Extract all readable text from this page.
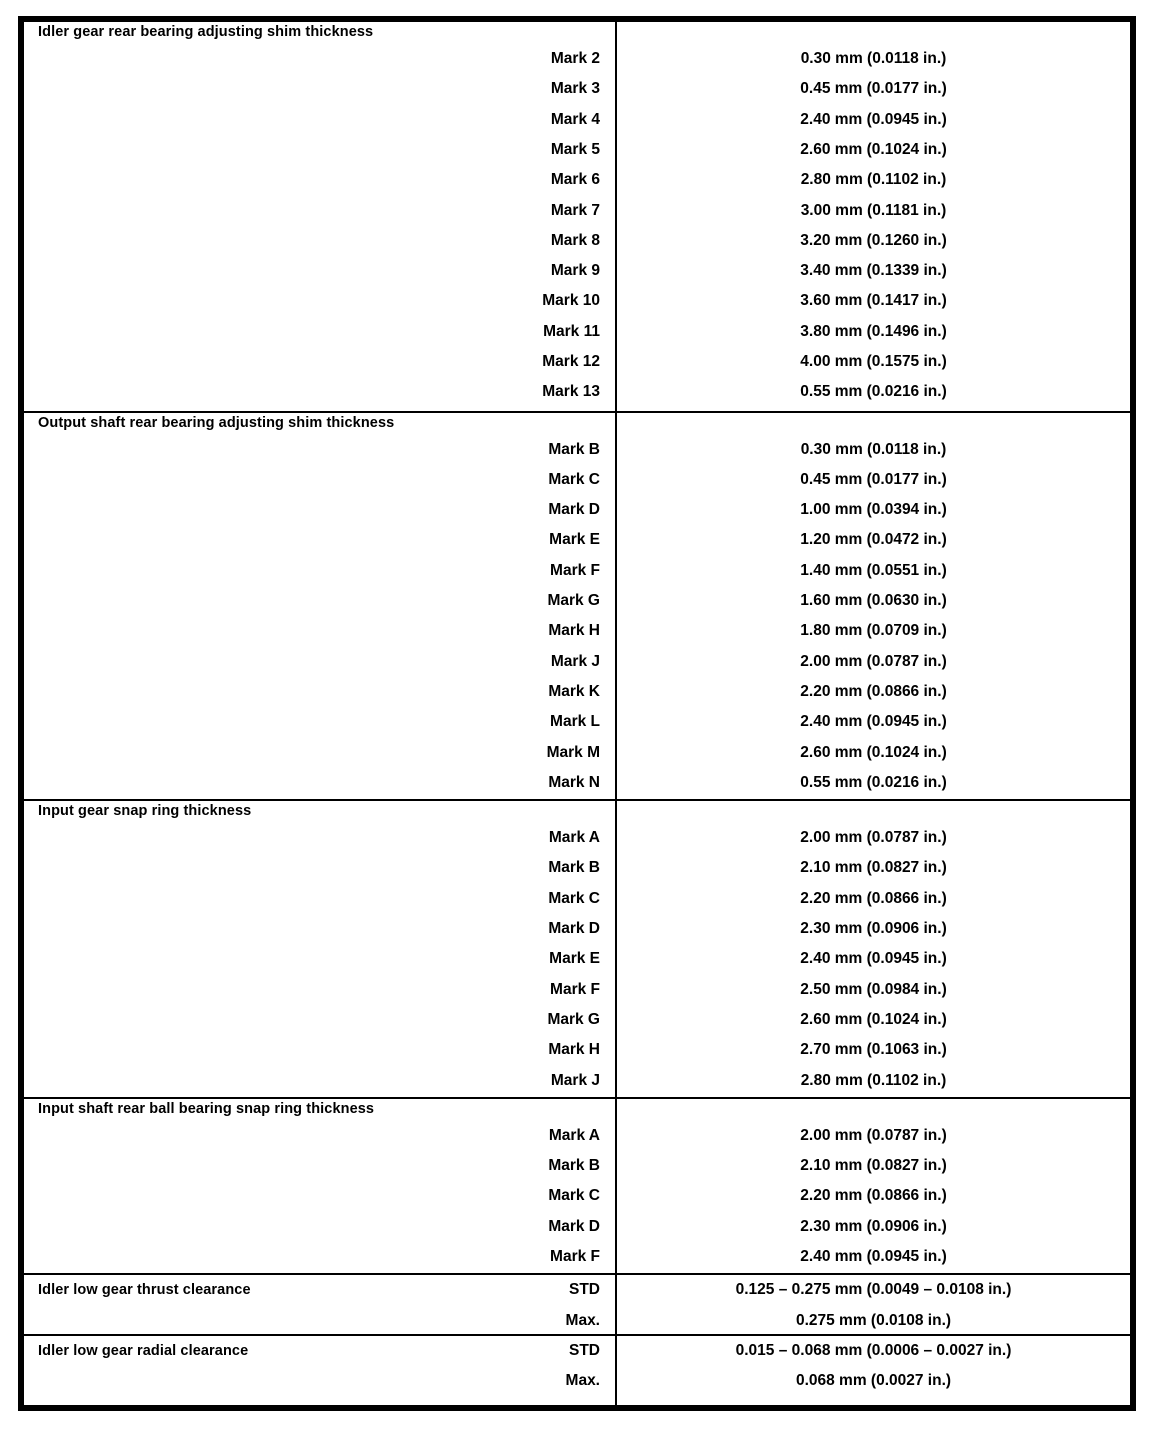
Idler gear rear bearing adjusting shim thickness
Mark 2	0.30 mm (0.0118 in.)
Mark 3	0.45 mm (0.0177 in.)
Mark 4	2.40 mm (0.0945 in.)
Mark 5	2.60 mm (0.1024 in.)
Mark 6	2.80 mm (0.1102 in.)
Mark 7	3.00 mm (0.1181 in.)
Mark 8	3.20 mm (0.1260 in.)
Mark 9	3.40 mm (0.1339 in.)
Mark 10	3.60 mm (0.1417 in.)
Mark 11	3.80 mm (0.1496 in.)
Mark 12	4.00 mm (0.1575 in.)
Mark 13	0.55 mm (0.0216 in.)
Output shaft rear bearing adjusting shim thickness
Mark B	0.30 mm (0.0118 in.)
Mark C	0.45 mm (0.0177 in.)
Mark D	1.00 mm (0.0394 in.)
Mark E	1.20 mm (0.0472 in.)
Mark F	1.40 mm (0.0551 in.)
Mark G	1.60 mm (0.0630 in.)
Mark H	1.80 mm (0.0709 in.)
Mark J	2.00 mm (0.0787 in.)
Mark K	2.20 mm (0.0866 in.)
Mark L	2.40 mm (0.0945 in.)
Mark M	2.60 mm (0.1024 in.)
Mark N	0.55 mm (0.0216 in.)
Input gear snap ring thickness
Mark A	2.00 mm (0.0787 in.)
Mark B	2.10 mm (0.0827 in.)
Mark C	2.20 mm (0.0866 in.)
Mark D	2.30 mm (0.0906 in.)
Mark E	2.40 mm (0.0945 in.)
Mark F	2.50 mm (0.0984 in.)
Mark G	2.60 mm (0.1024 in.)
Mark H	2.70 mm (0.1063 in.)
Mark J	2.80 mm (0.1102 in.)
Input shaft rear ball bearing snap ring thickness
Mark A	2.00 mm (0.0787 in.)
Mark B	2.10 mm (0.0827 in.)
Mark C	2.20 mm (0.0866 in.)
Mark D	2.30 mm (0.0906 in.)
Mark F	2.40 mm (0.0945 in.)
Idler low gear thrust clearance	STD	0.125 – 0.275 mm (0.0049 – 0.0108 in.)
Max.	0.275 mm (0.0108 in.)
Idler low gear radial clearance	STD	0.015 – 0.068 mm (0.0006 – 0.0027 in.)
Max.	0.068 mm (0.0027 in.)
